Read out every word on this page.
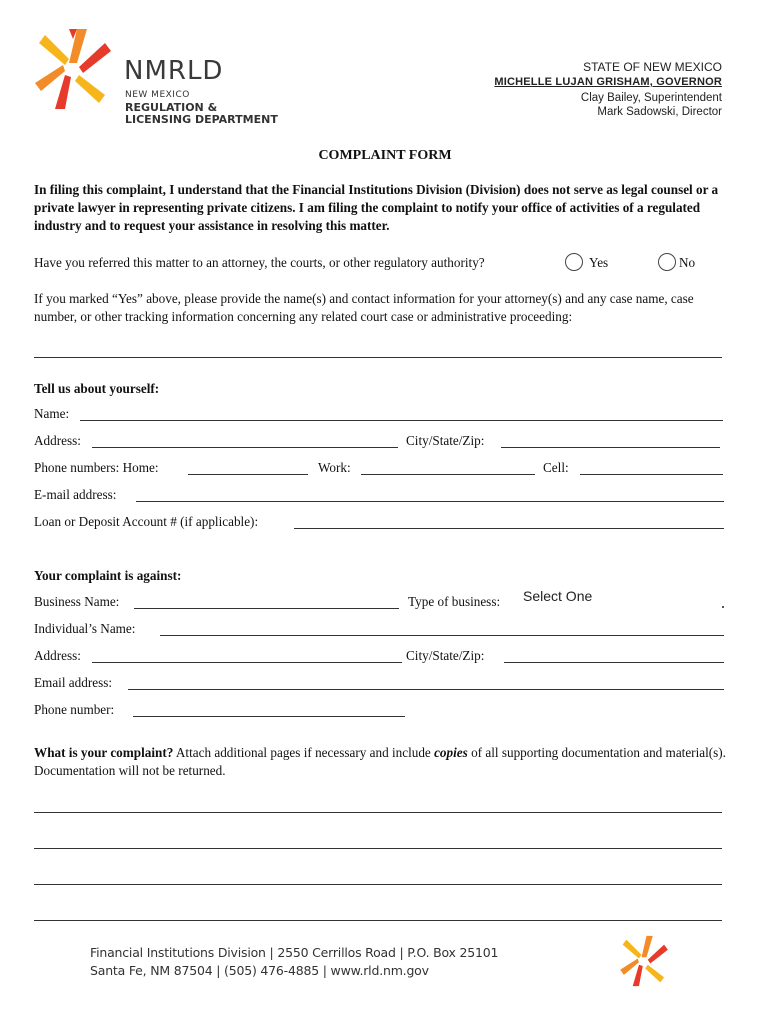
NMRLD
NEW MEXICO
REGULATION &
LICENSING DEPARTMENT
STATE OF NEW MEXICO
MICHELLE LUJAN GRISHAM, GOVERNOR
Clay Bailey, Superintendent
Mark Sadowski, Director
COMPLAINT FORM
In filing this complaint, I understand that the Financial Institutions Division (Division) does not serve as legal counsel or a private lawyer in representing private citizens. I am filing the complaint to notify your office of activities of a regulated industry and to request your assistance in resolving this matter.
Have you referred this matter to an attorney, the courts, or other regulatory authority?	Yes	No
If you marked “Yes” above, please provide the name(s) and contact information for your attorney(s) and any case name, case number, or other tracking information concerning any related court case or administrative proceeding:
Tell us about yourself:
Name:
Address:	City/State/Zip:
Phone numbers: Home:	Work:	Cell:
E-mail address:
Loan or Deposit Account # (if applicable):
Your complaint is against:
Business Name:	Type of business: Select One
Individual’s Name:
Address:	City/State/Zip:
Email address:
Phone number:
What is your complaint? Attach additional pages if necessary and include copies of all supporting documentation and material(s). Documentation will not be returned.
Financial Institutions Division | 2550 Cerrillos Road | P.O. Box 25101
Santa Fe, NM 87504 | (505) 476-4885 | www.rld.nm.gov
